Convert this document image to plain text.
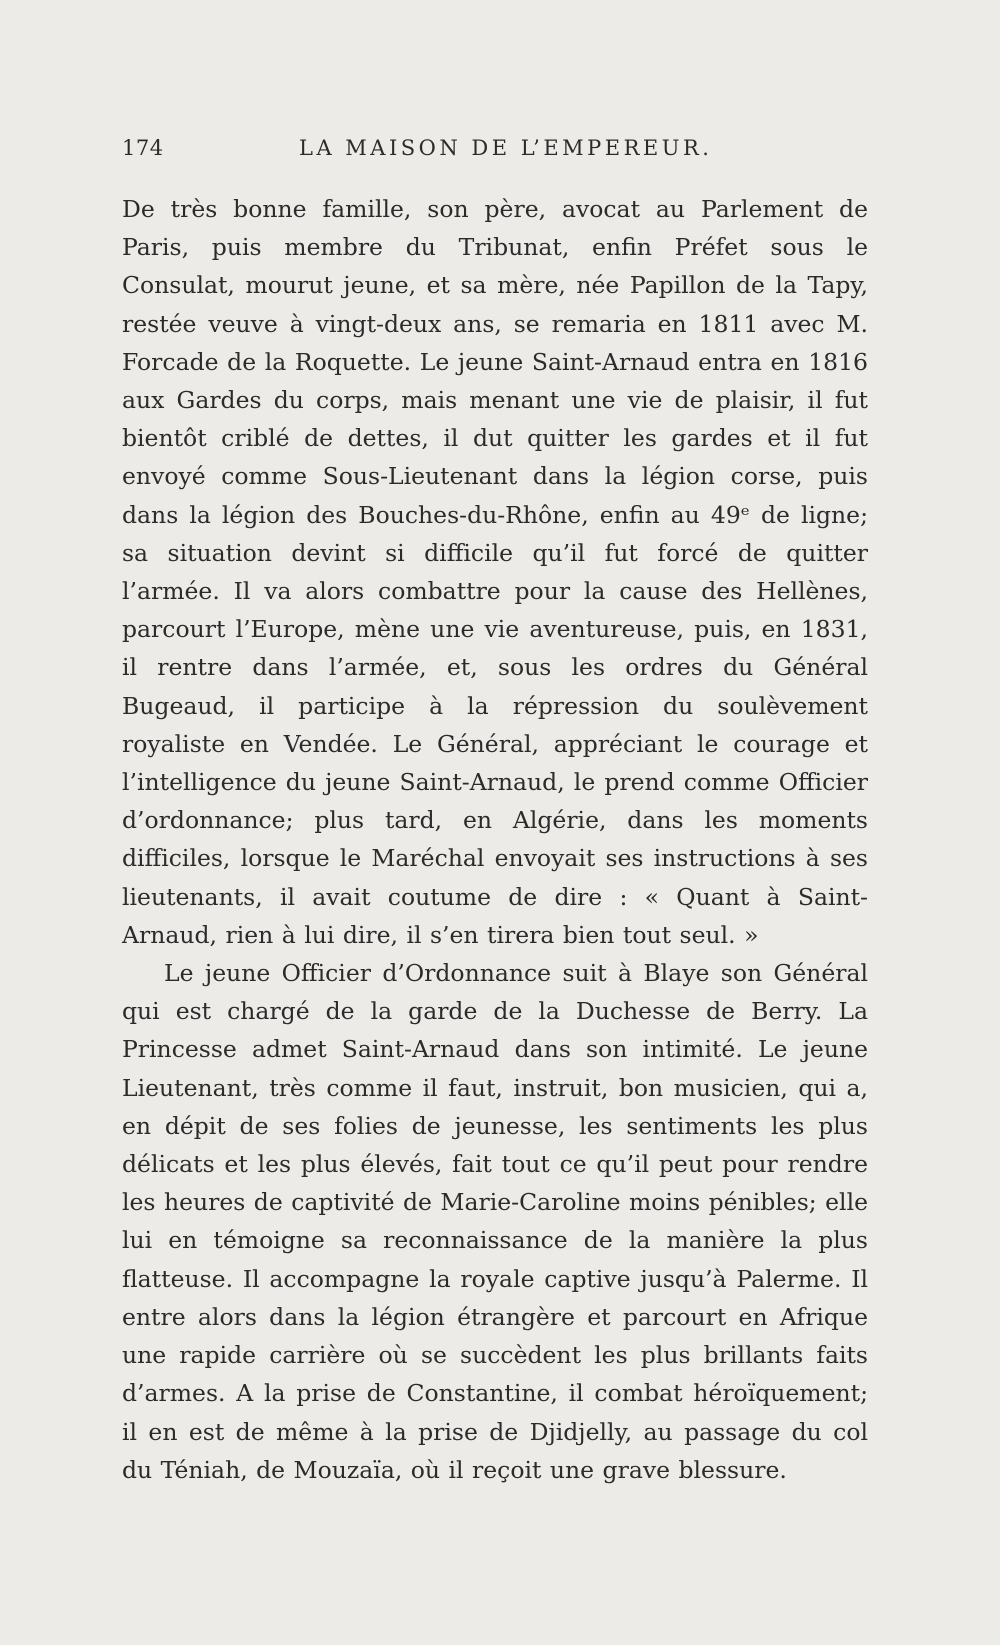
174	LA MAISON DE L’EMPEREUR.

De très bonne famille, son père, avocat au Parlement de Paris, puis membre du Tribunat, enfin Préfet sous le Consulat, mourut jeune, et sa mère, née Papillon de la Tapy, restée veuve à vingt-deux ans, se remaria en 1811 avec M. Forcade de la Roquette. Le jeune Saint-Arnaud entra en 1816 aux Gardes du corps, mais menant une vie de plaisir, il fut bientôt criblé de dettes, il dut quitter les gardes et il fut envoyé comme Sous-Lieutenant dans la légion corse, puis dans la légion des Bouches-du-Rhône, enfin au 49ᵉ de ligne; sa situation devint si difficile qu’il fut forcé de quitter l’armée. Il va alors combattre pour la cause des Hellènes, parcourt l’Europe, mène une vie aventureuse, puis, en 1831, il rentre dans l’armée, et, sous les ordres du Général Bugeaud, il participe à la répression du soulèvement royaliste en Vendée. Le Général, appréciant le courage et l’intelligence du jeune Saint-Arnaud, le prend comme Officier d’ordonnance; plus tard, en Algérie, dans les moments difficiles, lorsque le Maréchal envoyait ses instructions à ses lieutenants, il avait coutume de dire : « Quant à Saint-Arnaud, rien à lui dire, il s’en tirera bien tout seul. »

Le jeune Officier d’Ordonnance suit à Blaye son Général qui est chargé de la garde de la Duchesse de Berry. La Princesse admet Saint-Arnaud dans son intimité. Le jeune Lieutenant, très comme il faut, instruit, bon musicien, qui a, en dépit de ses folies de jeunesse, les sentiments les plus délicats et les plus élevés, fait tout ce qu’il peut pour rendre les heures de captivité de Marie-Caroline moins pénibles; elle lui en témoigne sa reconnaissance de la manière la plus flatteuse. Il accompagne la royale captive jusqu’à Palerme. Il entre alors dans la légion étrangère et parcourt en Afrique une rapide carrière où se succèdent les plus brillants faits d’armes. A la prise de Constantine, il combat héroïquement; il en est de même à la prise de Djidjelly, au passage du col du Téniah, de Mouzaïa, où il reçoit une grave blessure.
